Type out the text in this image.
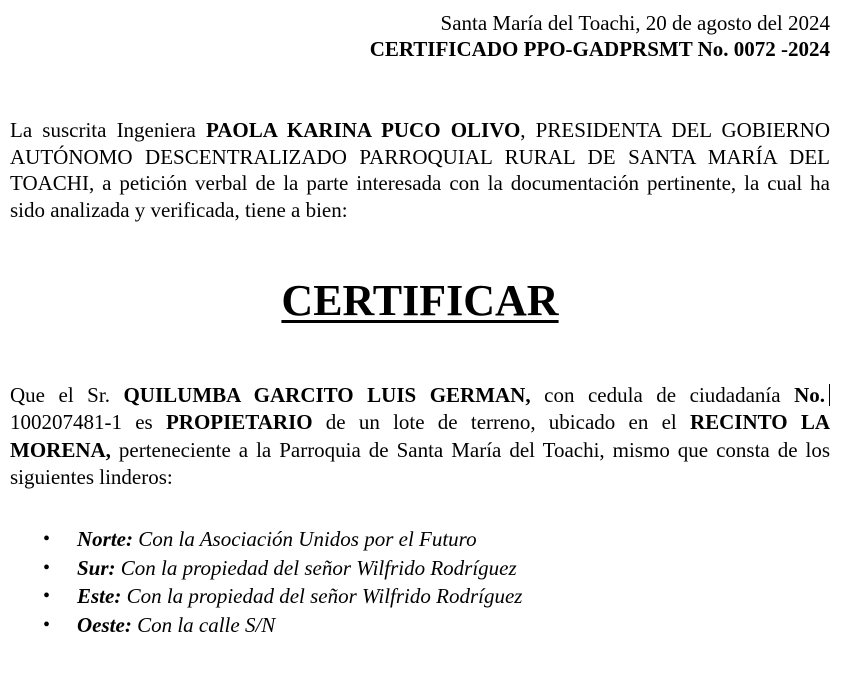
Santa María del Toachi, 20 de agosto del 2024
CERTIFICADO PPO-GADPRSMT No. 0072 -2024
La suscrita Ingeniera PAOLA KARINA PUCO OLIVO, PRESIDENTA DEL GOBIERNO AUTÓNOMO DESCENTRALIZADO PARROQUIAL RURAL DE SANTA MARÍA DEL TOACHI, a petición verbal de la parte interesada con la documentación pertinente, la cual ha sido analizada y verificada, tiene a bien:
CERTIFICAR
Que el Sr. QUILUMBA GARCITO LUIS GERMAN, con cedula de ciudadanía No. 100207481-1 es PROPIETARIO de un lote de terreno, ubicado en el RECINTO LA MORENA, perteneciente a la Parroquia de Santa María del Toachi, mismo que consta de los siguientes linderos:
• Norte: Con la Asociación Unidos por el Futuro
• Sur: Con la propiedad del señor Wilfrido Rodríguez
• Este: Con la propiedad del señor Wilfrido Rodríguez
• Oeste: Con la calle S/N
